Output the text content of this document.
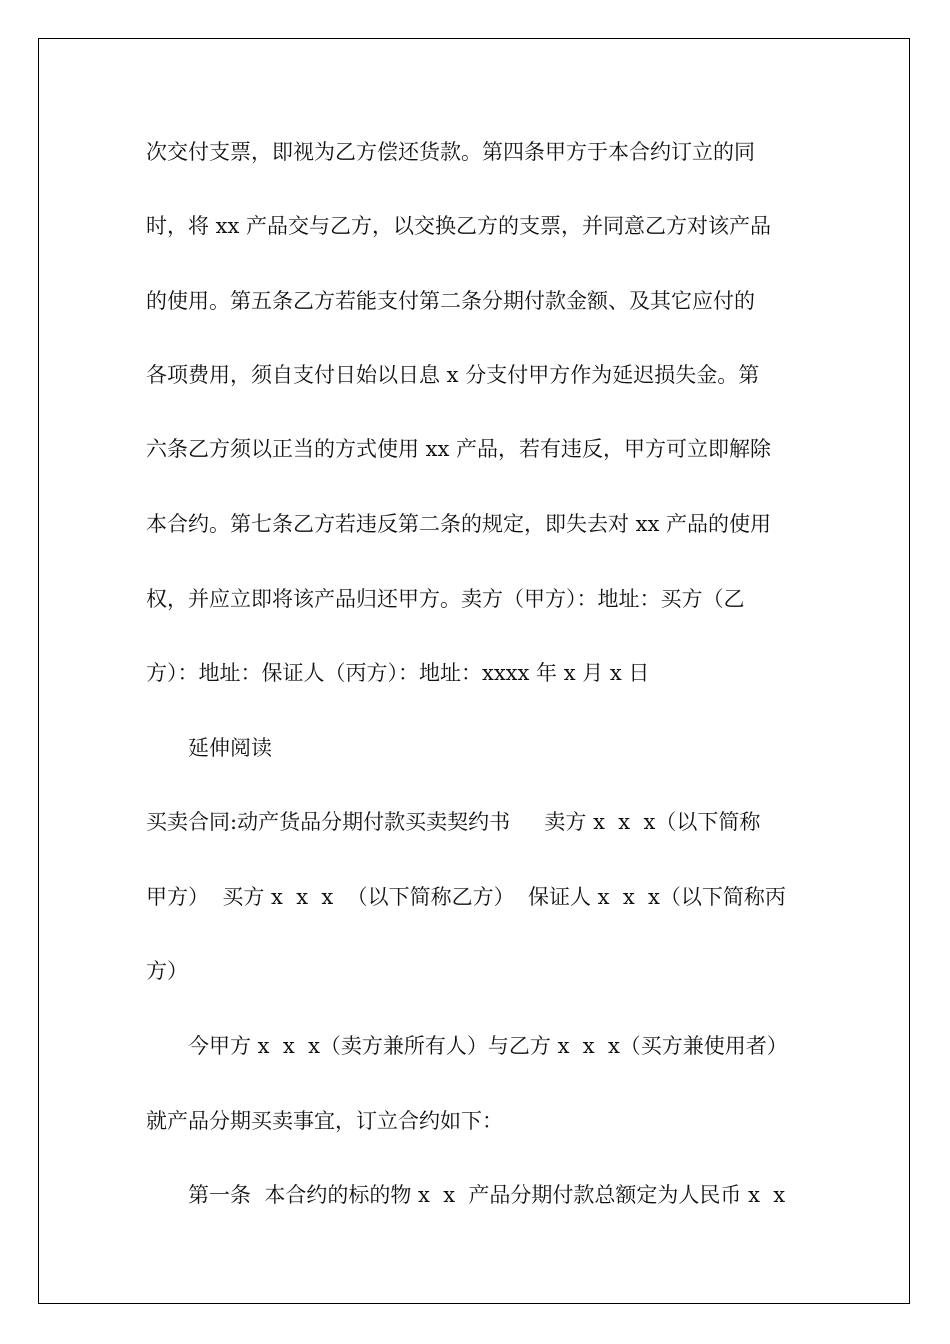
次交付支票，即视为乙方偿还货款。第四条甲方于本合约订立的同
时，将 xx 产品交与乙方，以交换乙方的支票，并同意乙方对该产品
的使用。第五条乙方若能支付第二条分期付款金额、及其它应付的
各项费用，须自支付日始以日息 x 分支付甲方作为延迟损失金。第
六条乙方须以正当的方式使用 xx 产品，若有违反，甲方可立即解除
本合约。第七条乙方若违反第二条的规定，即失去对 xx 产品的使用
权，并应立即将该产品归还甲方。卖方（甲方）：地址：买方（乙
方）：地址：保证人（丙方）：地址：xxxx 年 x 月 x 日
延伸阅读
买卖合同:动产货品分期付款买卖契约书　  卖方 x  x  x（以下简称
甲方）  买方 x  x  x  （以下简称乙方）  保证人 x  x  x（以下简称丙
方）
今甲方 x  x  x（卖方兼所有人）与乙方 x  x  x（买方兼使用者）
就产品分期买卖事宜，订立合约如下：
第一条  本合约的标的物 x  x  产品分期付款总额定为人民币 x  x
